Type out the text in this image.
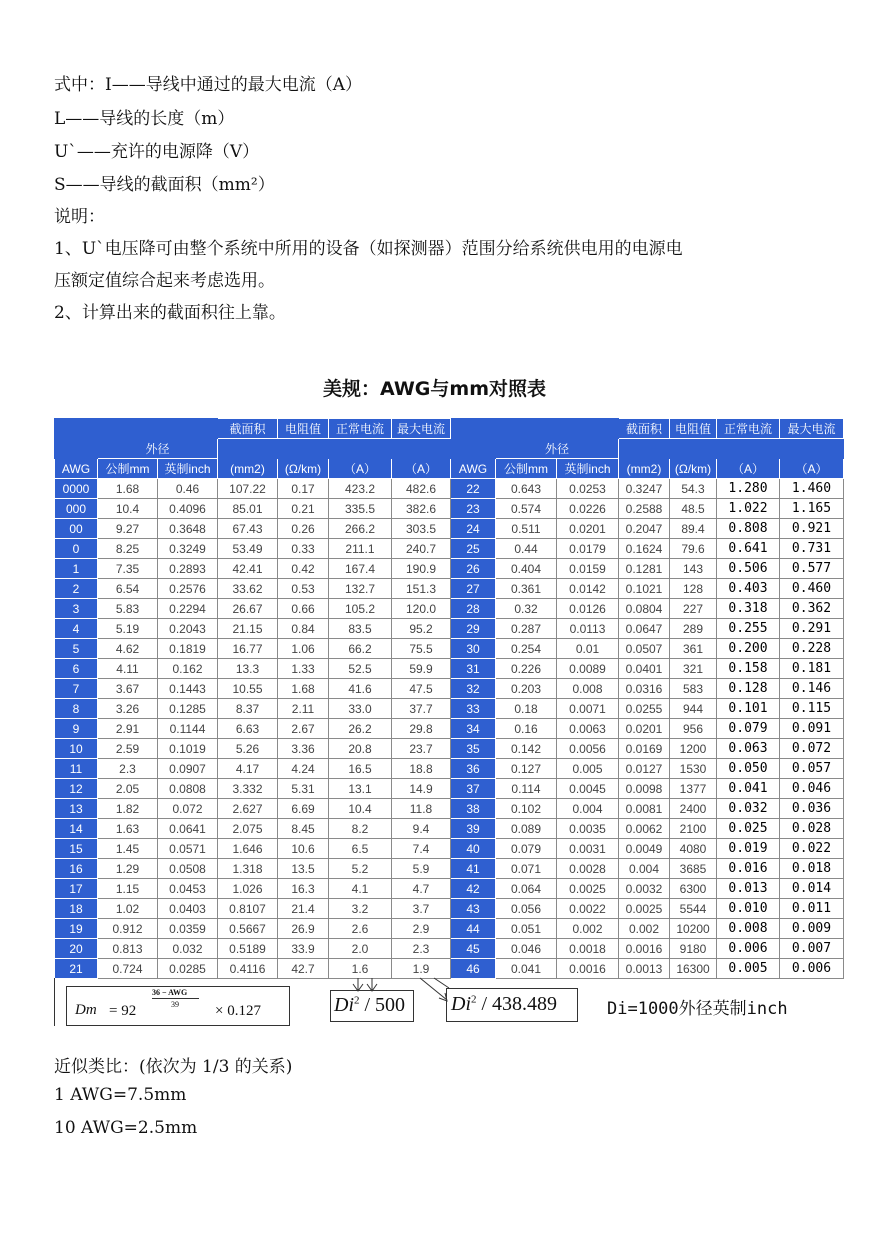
式中：I——导线中通过的最大电流（A）
L——导线的长度（m）
U`——充许的电源降（V）
S——导线的截面积（mm²）
说明：
1、U`电压降可由整个系统中所用的设备（如探测器）范围分给系统供电用的电源电
压额定值综合起来考虑选用。
2、计算出来的截面积往上靠。
美规：AWG与mm对照表
			截面积	电阻值	正常电流	最大电流				截面积	电阻值	正常电流	最大电流
	外径							外径					
AWG	公制mm	英制inch	(mm2)	(Ω/km)	（A）	（A）	AWG	公制mm	英制inch	(mm2)	(Ω/km)	（A）	（A）
0000	1.68	0.46	107.22	0.17	423.2	482.6	22	0.643	0.0253	0.3247	54.3	1.280	1.460
000	10.4	0.4096	85.01	0.21	335.5	382.6	23	0.574	0.0226	0.2588	48.5	1.022	1.165
00	9.27	0.3648	67.43	0.26	266.2	303.5	24	0.511	0.0201	0.2047	89.4	0.808	0.921
0	8.25	0.3249	53.49	0.33	211.1	240.7	25	0.44	0.0179	0.1624	79.6	0.641	0.731
1	7.35	0.2893	42.41	0.42	167.4	190.9	26	0.404	0.0159	0.1281	143	0.506	0.577
2	6.54	0.2576	33.62	0.53	132.7	151.3	27	0.361	0.0142	0.1021	128	0.403	0.460
3	5.83	0.2294	26.67	0.66	105.2	120.0	28	0.32	0.0126	0.0804	227	0.318	0.362
4	5.19	0.2043	21.15	0.84	83.5	95.2	29	0.287	0.0113	0.0647	289	0.255	0.291
5	4.62	0.1819	16.77	1.06	66.2	75.5	30	0.254	0.01	0.0507	361	0.200	0.228
6	4.11	0.162	13.3	1.33	52.5	59.9	31	0.226	0.0089	0.0401	321	0.158	0.181
7	3.67	0.1443	10.55	1.68	41.6	47.5	32	0.203	0.008	0.0316	583	0.128	0.146
8	3.26	0.1285	8.37	2.11	33.0	37.7	33	0.18	0.0071	0.0255	944	0.101	0.115
9	2.91	0.1144	6.63	2.67	26.2	29.8	34	0.16	0.0063	0.0201	956	0.079	0.091
10	2.59	0.1019	5.26	3.36	20.8	23.7	35	0.142	0.0056	0.0169	1200	0.063	0.072
11	2.3	0.0907	4.17	4.24	16.5	18.8	36	0.127	0.005	0.0127	1530	0.050	0.057
12	2.05	0.0808	3.332	5.31	13.1	14.9	37	0.114	0.0045	0.0098	1377	0.041	0.046
13	1.82	0.072	2.627	6.69	10.4	11.8	38	0.102	0.004	0.0081	2400	0.032	0.036
14	1.63	0.0641	2.075	8.45	8.2	9.4	39	0.089	0.0035	0.0062	2100	0.025	0.028
15	1.45	0.0571	1.646	10.6	6.5	7.4	40	0.079	0.0031	0.0049	4080	0.019	0.022
16	1.29	0.0508	1.318	13.5	5.2	5.9	41	0.071	0.0028	0.004	3685	0.016	0.018
17	1.15	0.0453	1.026	16.3	4.1	4.7	42	0.064	0.0025	0.0032	6300	0.013	0.014
18	1.02	0.0403	0.8107	21.4	3.2	3.7	43	0.056	0.0022	0.0025	5544	0.010	0.011
19	0.912	0.0359	0.5667	26.9	2.6	2.9	44	0.051	0.002	0.002	10200	0.008	0.009
20	0.813	0.032	0.5189	33.9	2.0	2.3	45	0.046	0.0018	0.0016	9180	0.006	0.007
21	0.724	0.0285	0.4116	42.7	1.6	1.9	46	0.041	0.0016	0.0013	16300	0.005	0.006
Dm = 92
36 − AWG
39 × 0.127	Di$^2$ / 500 Di$^2$ / 438.489	Di=1000外径英制inch
近似类比：(依次为 1/3 的关系)
1 AWG=7.5mm
10 AWG=2.5mm
